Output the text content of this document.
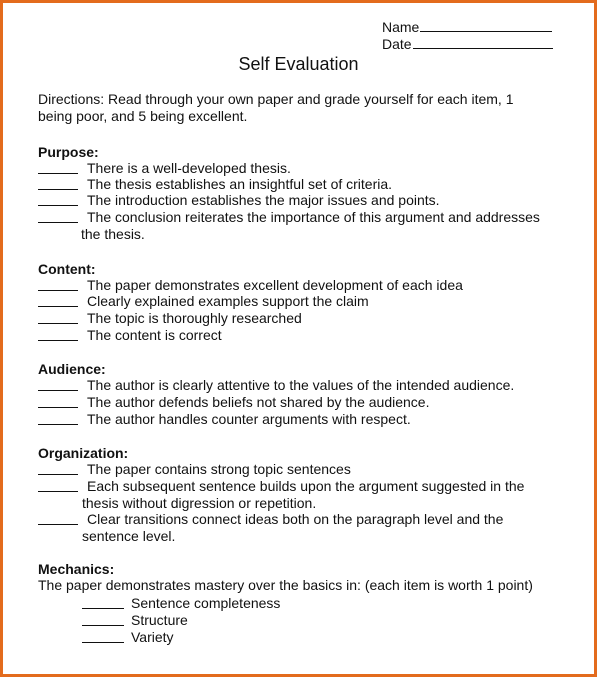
Name
Date
Self Evaluation
Directions: Read through your own paper and grade yourself for each item, 1 being poor, and 5 being excellent.
Purpose:
There is a well-developed thesis.
The thesis establishes an insightful set of criteria.
The introduction establishes the major issues and points.
The conclusion reiterates the importance of this argument and addresses
the thesis.
Content:
The paper demonstrates excellent development of each idea
Clearly explained examples support the claim
The topic is thoroughly researched
The content is correct
Audience:
The author is clearly attentive to the values of the intended audience.
The author defends beliefs not shared by the audience.
The author handles counter arguments with respect.
Organization:
The paper contains strong topic sentences
Each subsequent sentence builds upon the argument suggested in the
thesis without digression or repetition.
Clear transitions connect ideas both on the paragraph level and the
sentence level.
Mechanics:
The paper demonstrates mastery over the basics in: (each item is worth 1 point)
Sentence completeness
Structure
Variety
